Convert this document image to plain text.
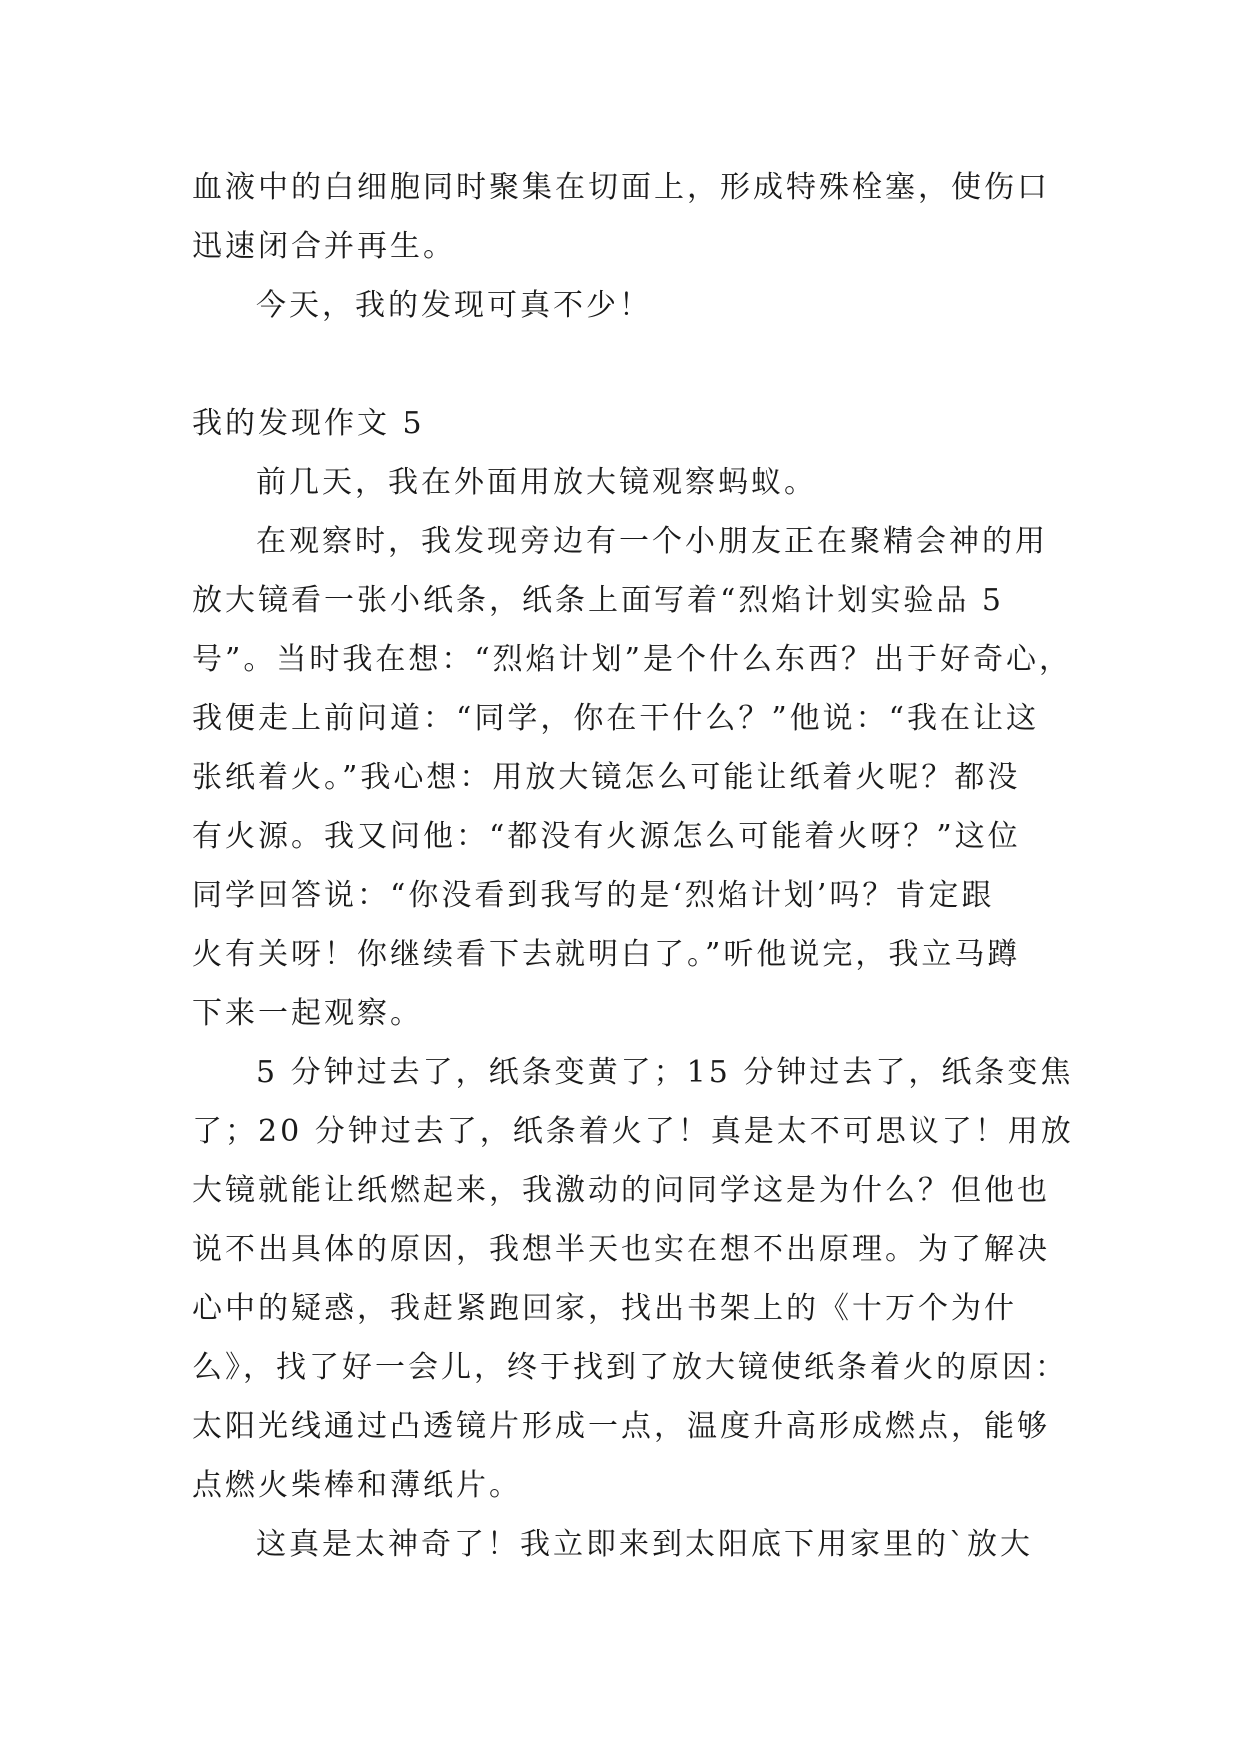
血液中的白细胞同时聚集在切面上，形成特殊栓塞，使伤口
迅速闭合并再生。
今天，我的发现可真不少！
我的发现作文 5
前几天，我在外面用放大镜观察蚂蚁。
在观察时，我发现旁边有一个小朋友正在聚精会神的用
放大镜看一张小纸条，纸条上面写着“烈焰计划实验品 5
号”。当时我在想：“烈焰计划”是个什么东西？出于好奇心，
我便走上前问道：“同学，你在干什么？”他说：“我在让这
张纸着火。”我心想：用放大镜怎么可能让纸着火呢？都没
有火源。我又问他：“都没有火源怎么可能着火呀？”这位
同学回答说：“你没看到我写的是‘烈焰计划’吗？肯定跟
火有关呀！你继续看下去就明白了。”听他说完，我立马蹲
下来一起观察。
5 分钟过去了，纸条变黄了；15 分钟过去了，纸条变焦
了；20 分钟过去了，纸条着火了！真是太不可思议了！用放
大镜就能让纸燃起来，我激动的问同学这是为什么？但他也
说不出具体的原因，我想半天也实在想不出原理。为了解决
心中的疑惑，我赶紧跑回家，找出书架上的《十万个为什
么》，找了好一会儿，终于找到了放大镜使纸条着火的原因：
太阳光线通过凸透镜片形成一点，温度升高形成燃点，能够
点燃火柴棒和薄纸片。
这真是太神奇了！我立即来到太阳底下用家里的`放大
